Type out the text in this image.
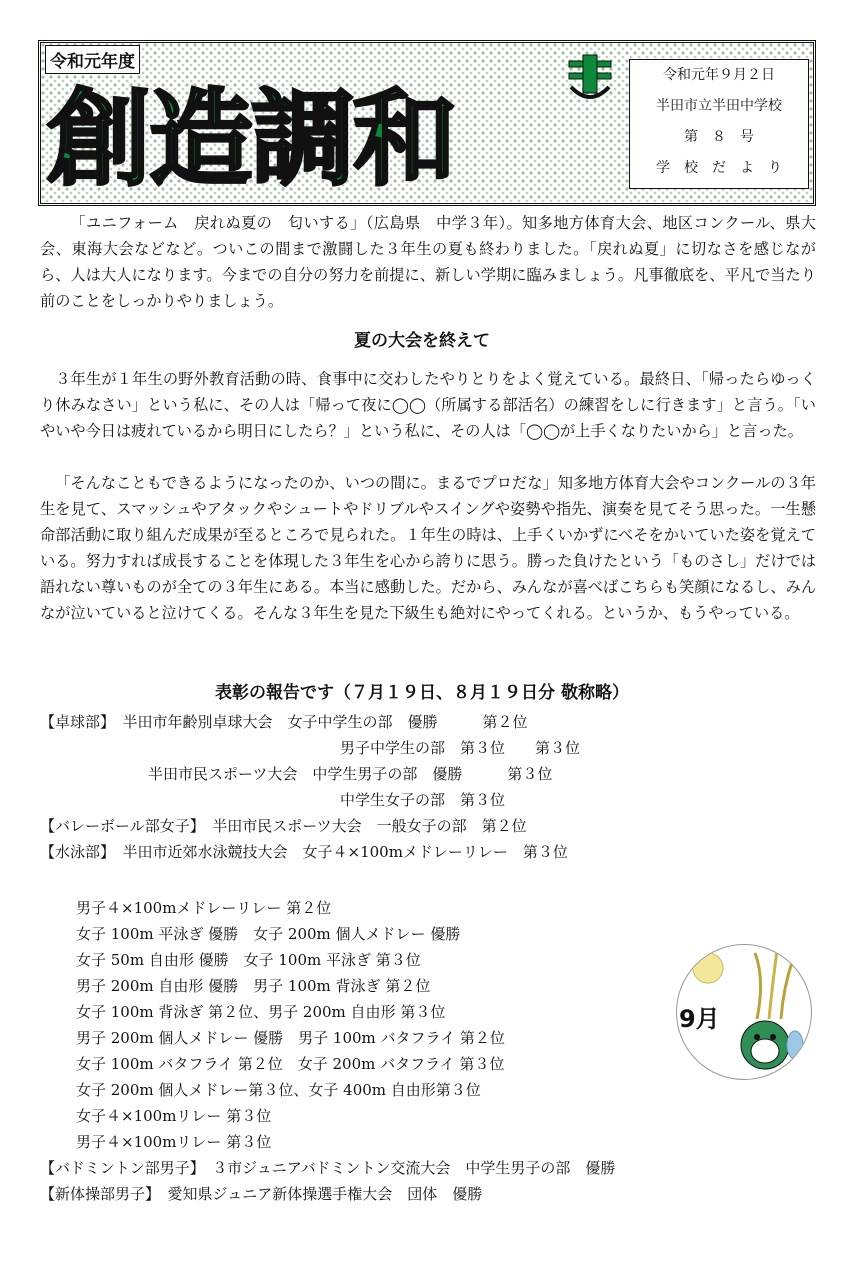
令和元年度
創造調和
令和元年９月２日
半田市立半田中学校
第　８　号
学　校　だ　よ　り

「ユニフォーム　戻れぬ夏の　匂いする」（広島県　中学３年）。知多地方体育大会、地区コンクール、県大会、東海大会などなど。ついこの間まで激闘した３年生の夏も終わりました。「戻れぬ夏」に切なさを感じながら、人は大人になります。今までの自分の努力を前提に、新しい学期に臨みましょう。凡事徹底を、平凡で当たり前のことをしっかりやりましょう。

夏の大会を終えて

３年生が１年生の野外教育活動の時、食事中に交わしたやりとりをよく覚えている。最終日、「帰ったらゆっくり休みなさい」という私に、その人は「帰って夜に◯◯（所属する部活名）の練習をしに行きます」と言う。「いやいや今日は疲れているから明日にしたら？」という私に、その人は「◯◯が上手くなりたいから」と言った。

「そんなこともできるようになったのか、いつの間に。まるでプロだな」知多地方体育大会やコンクールの３年生を見て、スマッシュやアタックやシュートやドリブルやスイングや姿勢や指先、演奏を見てそう思った。一生懸命部活動に取り組んだ成果が至るところで見られた。１年生の時は、上手くいかずにべそをかいていた姿を覚えている。努力すれば成長することを体現した３年生を心から誇りに思う。勝った負けたという「ものさし」だけでは語れない尊いものが全ての３年生にある。本当に感動した。だから、みんなが喜べばこちらも笑顔になるし、みんなが泣いていると泣けてくる。そんな３年生を見た下級生も絶対にやってくれる。というか、もうやっている。

表彰の報告です（７月１９日、８月１９日分 敬称略）
【卓球部】　半田市年齢別卓球大会　女子中学生の部　優勝　　　第２位
男子中学生の部　第３位　　第３位
半田市民スポーツ大会　中学生男子の部　優勝　　　第３位
中学生女子の部　第３位
【バレーボール部女子】　半田市民スポーツ大会　一般女子の部　第２位
【水泳部】　半田市近郊水泳競技大会　女子４×100mメドレーリレー　第３位
男子４×100mメドレーリレー 第２位
女子 100m 平泳ぎ 優勝　女子 200m 個人メドレー 優勝
女子 50m 自由形 優勝　女子 100m 平泳ぎ 第３位
男子 200m 自由形 優勝　男子 100m 背泳ぎ 第２位
女子 100m 背泳ぎ 第２位、男子 200m 自由形 第３位
男子 200m 個人メドレー 優勝　男子 100m バタフライ 第２位
女子 100m バタフライ 第２位　女子 200m バタフライ 第３位
女子 200m 個人メドレー第３位、女子 400m 自由形第３位
女子４×100mリレー 第３位
男子４×100mリレー 第３位
【バドミントン部男子】　３市ジュニアバドミントン交流大会　中学生男子の部　優勝
【新体操部男子】　愛知県ジュニア新体操選手権大会　団体　優勝
9月
